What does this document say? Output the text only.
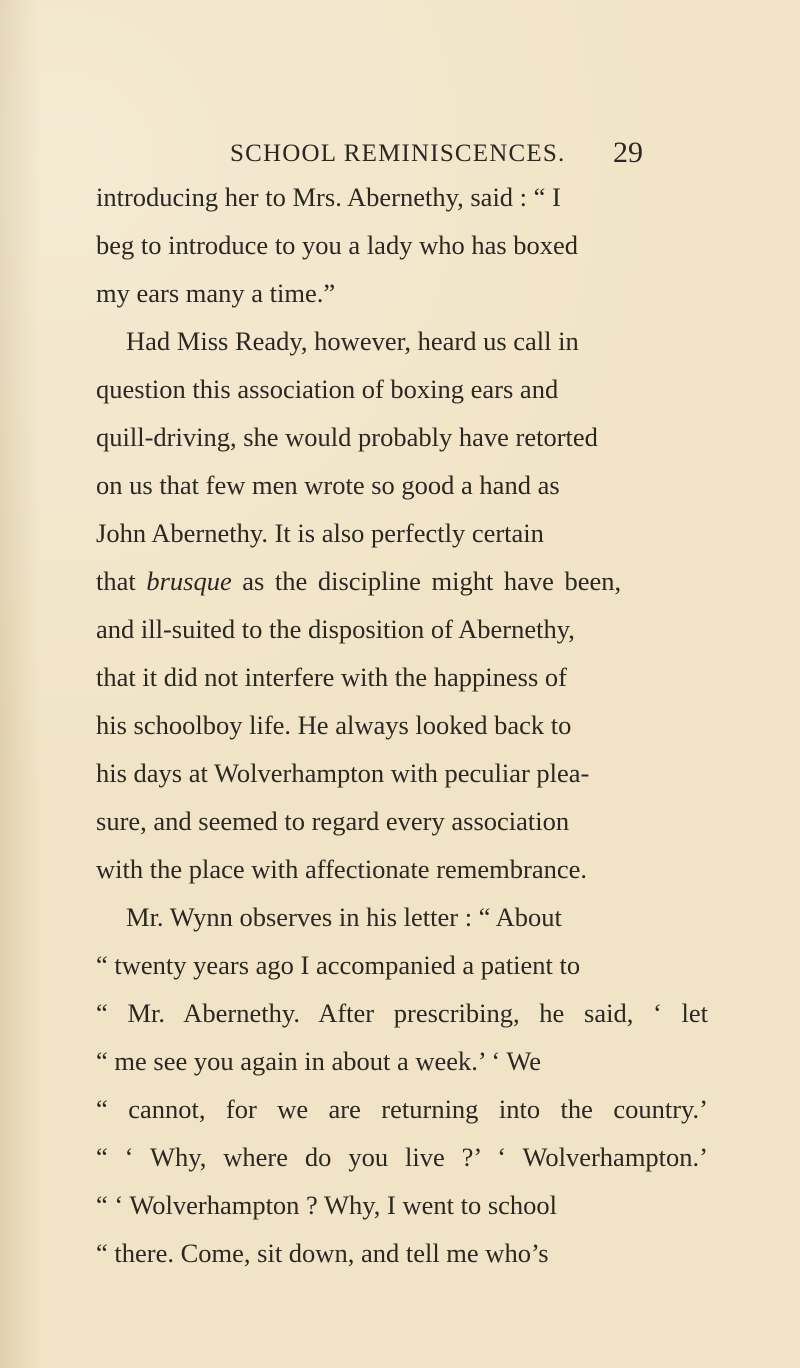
SCHOOL REMINISCENCES. 29
introducing her to Mrs. Abernethy, said : “ I
beg to introduce to you a lady who has boxed
my ears many a time.”
Had Miss Ready, however, heard us call in
question this association of boxing ears and
quill-driving, she would probably have retorted
on us that few men wrote so good a hand as
John Abernethy. It is also perfectly certain
that brusque as the discipline might have been,
and ill-suited to the disposition of Abernethy,
that it did not interfere with the happiness of
his schoolboy life. He always looked back to
his days at Wolverhampton with peculiar plea-
sure, and seemed to regard every association
with the place with affectionate remembrance.
Mr. Wynn observes in his letter : “ About
“ twenty years ago I accompanied a patient to
“ Mr. Abernethy. After prescribing, he said, ‘ let
“ me see you again in about a week.’ ‘ We
“ cannot, for we are returning into the country.’
“ ‘ Why, where do you live ?’ ‘ Wolverhampton.’
“ ‘ Wolverhampton ? Why, I went to school
“ there. Come, sit down, and tell me who’s
